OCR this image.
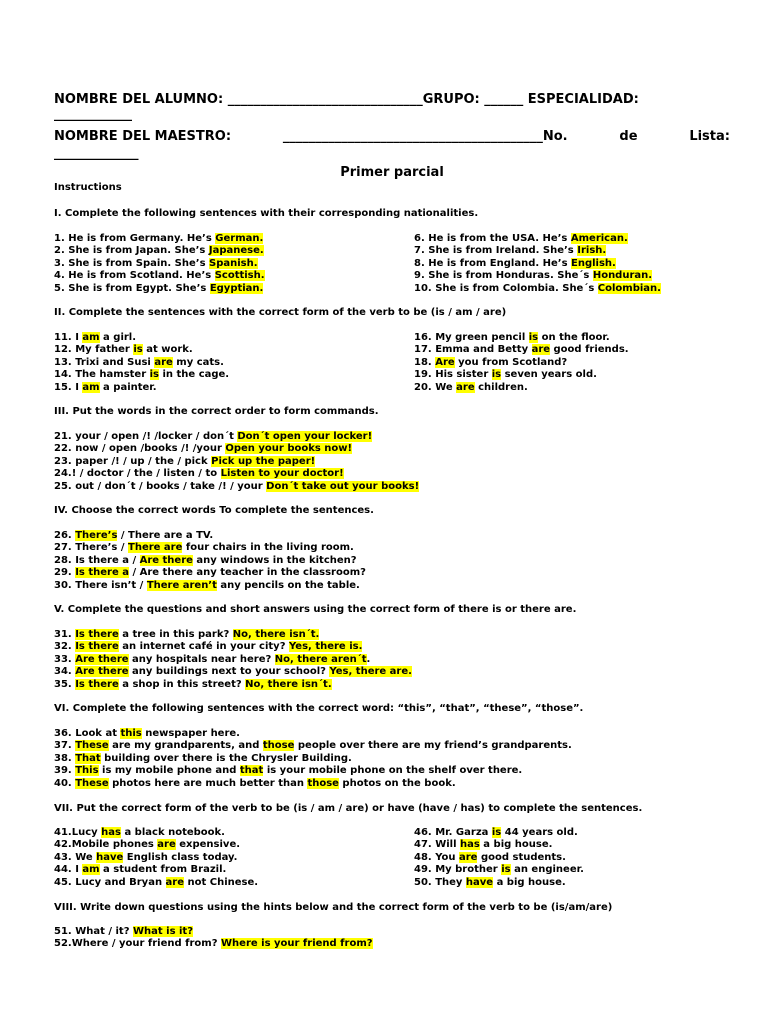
NOMBRE DEL ALUMNO: ______________________________GRUPO: ______ ESPECIALIDAD:
____________
NOMBRE DEL MAESTRO:	________________________________________No.	de	Lista:
_____________
Primer parcial
Instructions
I. Complete the following sentences with their corresponding nationalities.
1. He is from Germany. He’s German.
2. She is from Japan. She’s Japanese.
3. She is from Spain. She’s Spanish.
4. He is from Scotland. He’s Scottish.
5. She is from Egypt. She’s Egyptian.
6. He is from the USA. He’s American.
7. She is from Ireland. She’s Irish.
8. He is from England. He’s English.
9. She is from Honduras. She´s Honduran.
10. She is from Colombia. She´s Colombian.
II. Complete the sentences with the correct form of the verb to be (is / am / are)
11. I am a girl.
12. My father is at work.
13. Trixi and Susi are my cats.
14. The hamster is in the cage.
15. I am a painter.
16. My green pencil is on the floor.
17. Emma and Betty are good friends.
18. Are you from Scotland?
19. His sister is seven years old.
20. We are children.
III. Put the words in the correct order to form commands.
21. your / open /! /locker / don´t Don´t open your locker!
22. now / open /books /! /your Open your books now!
23. paper /! / up / the / pick Pick up the paper!
24.! / doctor / the / listen / to Listen to your doctor!
25. out / don´t / books / take /! / your Don´t take out your books!
IV. Choose the correct words To complete the sentences.
26. There’s / There are a TV.
27. There’s / There are four chairs in the living room.
28. Is there a / Are there any windows in the kitchen?
29. Is there a / Are there any teacher in the classroom?
30. There isn’t / There aren’t any pencils on the table.
V. Complete the questions and short answers using the correct form of there is or there are.
31. Is there a tree in this park? No, there isn´t.
32. Is there an internet café in your city? Yes, there is.
33. Are there any hospitals near here? No, there aren´t.
34. Are there any buildings next to your school? Yes, there are.
35. Is there a shop in this street? No, there isn´t.
VI. Complete the following sentences with the correct word: “this”, “that”, “these”, “those”.
36. Look at this newspaper here.
37. These are my grandparents, and those people over there are my friend’s grandparents.
38. That building over there is the Chrysler Building.
39. This is my mobile phone and that is your mobile phone on the shelf over there.
40. These photos here are much better than those photos on the book.
VII. Put the correct form of the verb to be (is / am / are) or have (have / has) to complete the sentences.
41.Lucy has a black notebook.
42.Mobile phones are expensive.
43. We have English class today.
44. I am a student from Brazil.
45. Lucy and Bryan are not Chinese.
46. Mr. Garza is 44 years old.
47. Will has a big house.
48. You are good students.
49. My brother is an engineer.
50. They have a big house.
VIII. Write down questions using the hints below and the correct form of the verb to be (is/am/are)
51. What / it? What is it?
52.Where / your friend from? Where is your friend from?
